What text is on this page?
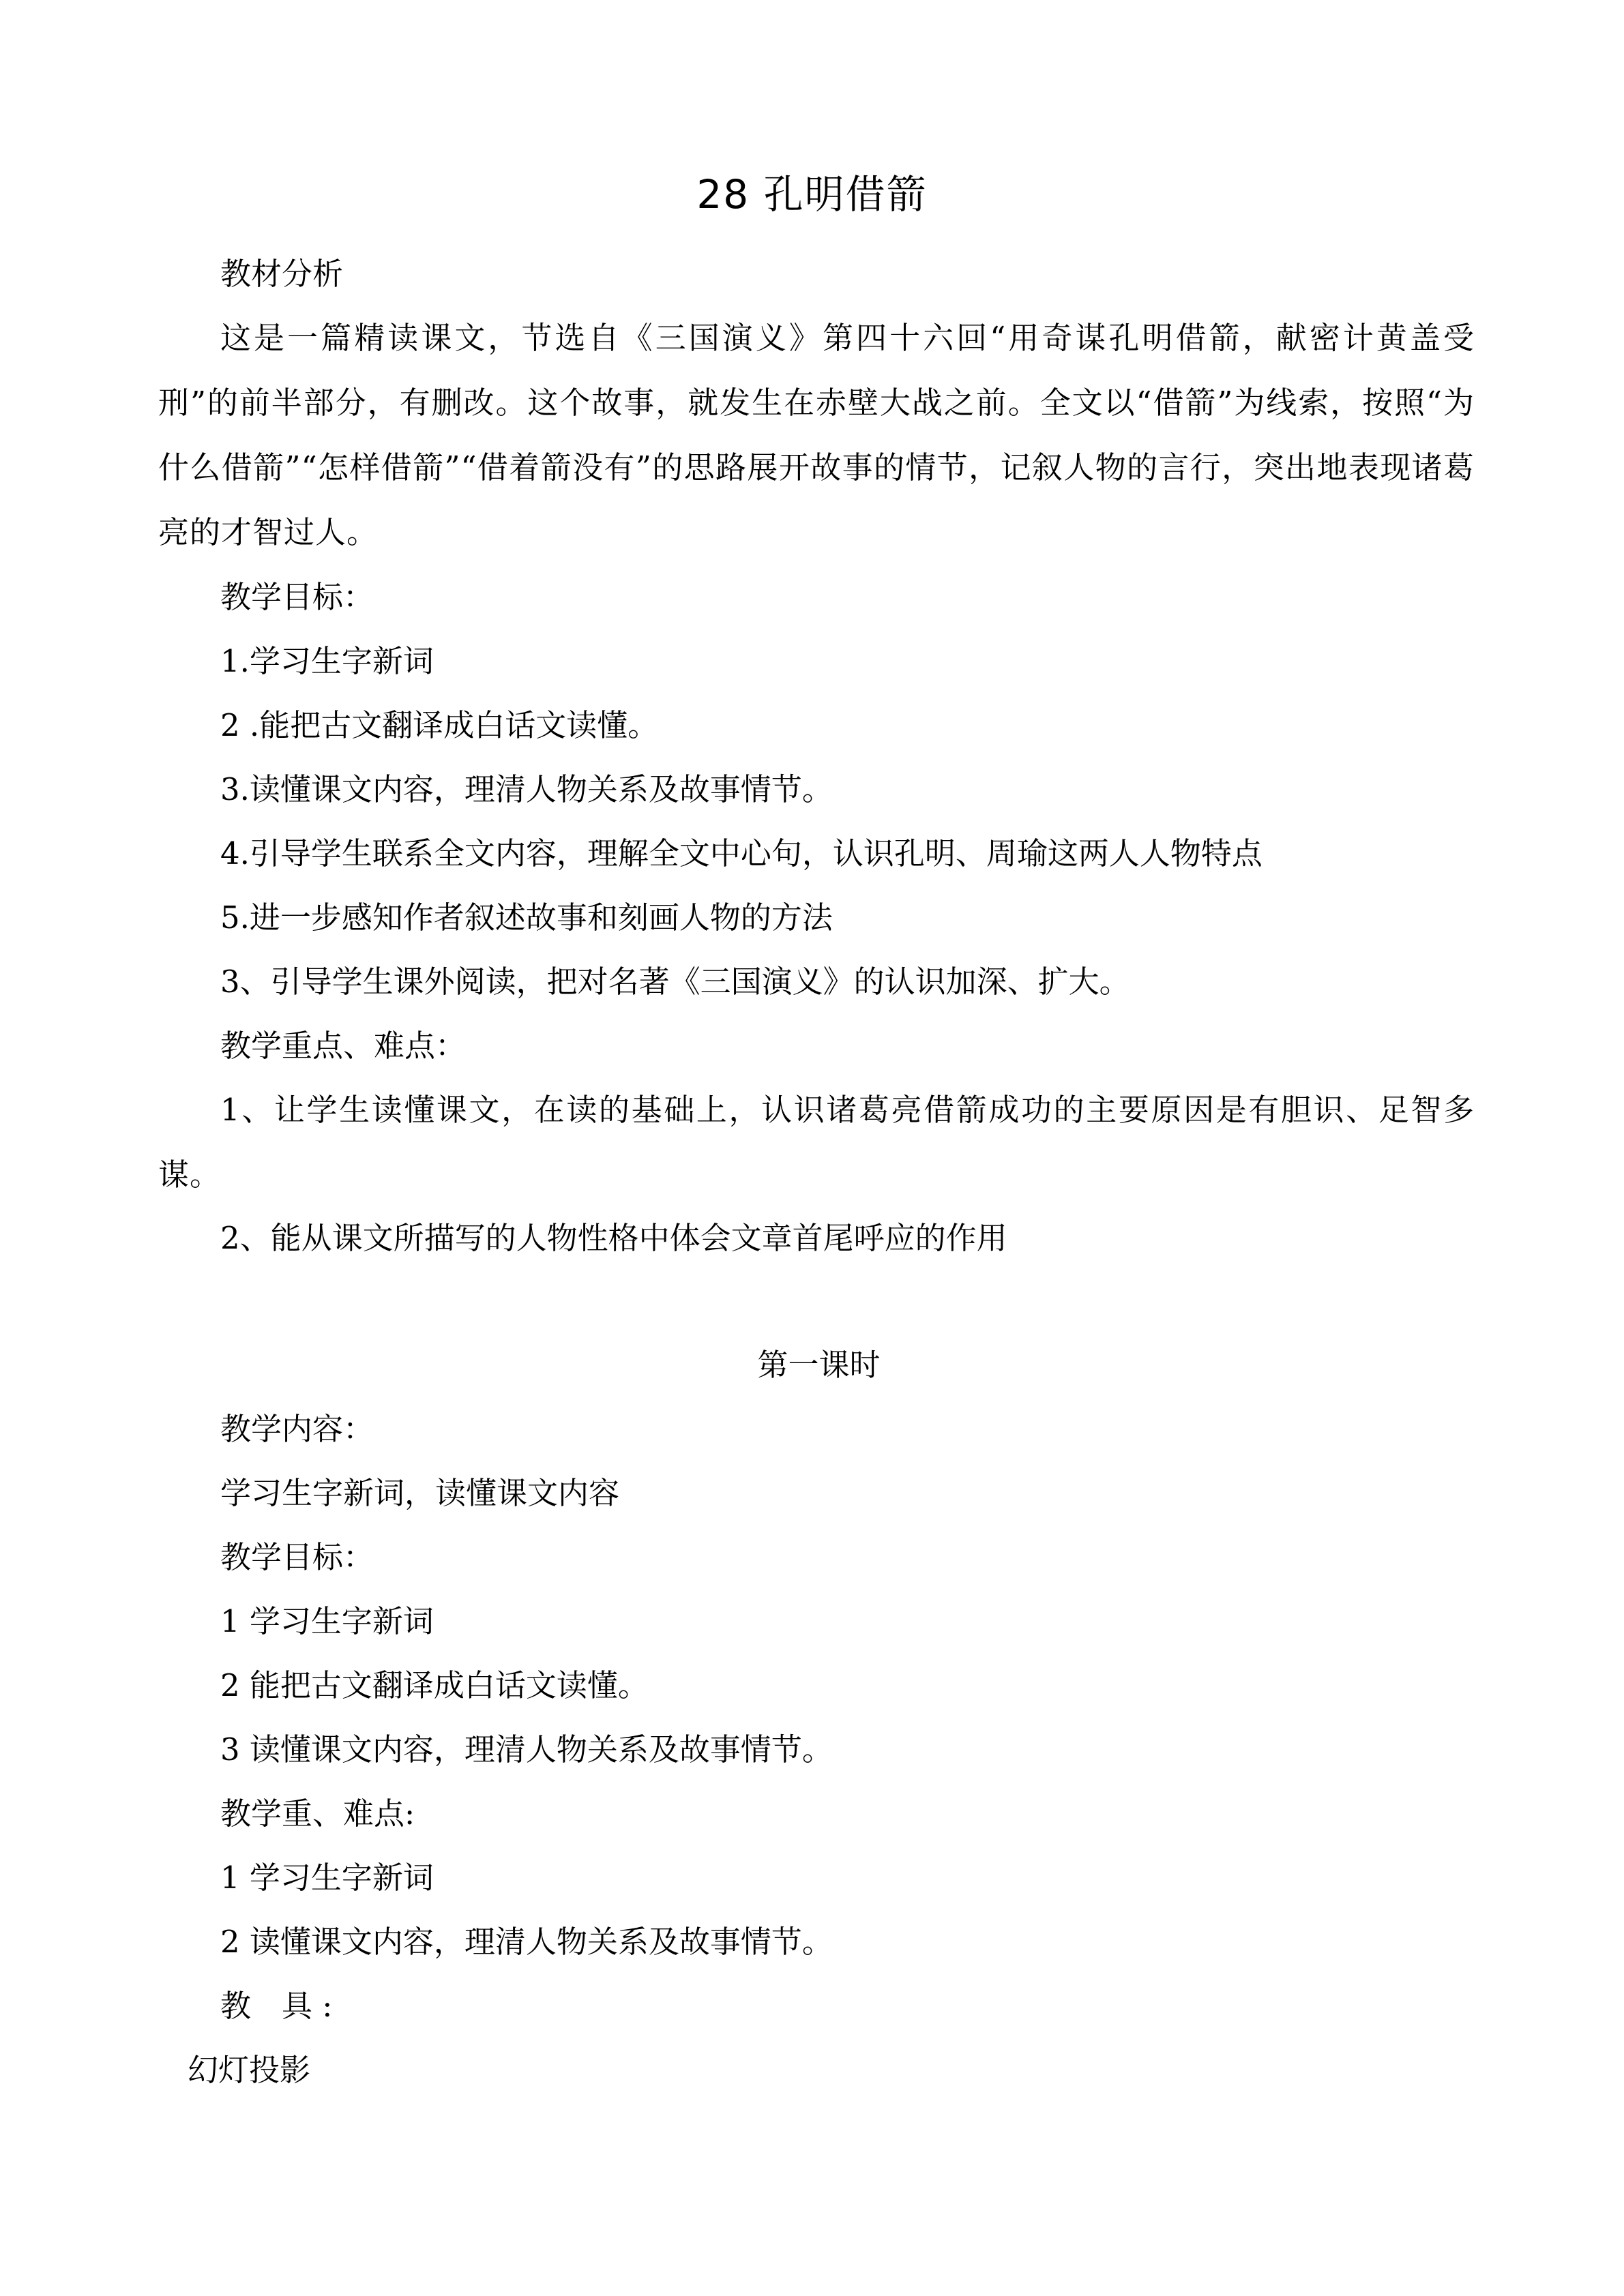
28 孔明借箭
教材分析
这是一篇精读课文，节选自《三国演义》第四十六回“用奇谋孔明借箭，献密计黄盖受刑”的前半部分，有删改。这个故事，就发生在赤壁大战之前。全文以“借箭”为线索，按照“为什么借箭”“怎样借箭”“借着箭没有”的思路展开故事的情节，记叙人物的言行，突出地表现诸葛亮的才智过人。
教学目标：
1.学习生字新词
2 .能把古文翻译成白话文读懂。
3.读懂课文内容，理清人物关系及故事情节。
4.引导学生联系全文内容，理解全文中心句，认识孔明、周瑜这两人人物特点
5.进一步感知作者叙述故事和刻画人物的方法
3、引导学生课外阅读，把对名著《三国演义》的认识加深、扩大。
教学重点、难点：
1、让学生读懂课文，在读的基础上，认识诸葛亮借箭成功的主要原因是有胆识、足智多谋。
2、能从课文所描写的人物性格中体会文章首尾呼应的作用
第一课时
教学内容：
学习生字新词，读懂课文内容
教学目标：
1 学习生字新词
2 能把古文翻译成白话文读懂。
3 读懂课文内容，理清人物关系及故事情节。
教学重、难点:
1 学习生字新词
2 读懂课文内容，理清人物关系及故事情节。
教　具 :
幻灯投影
